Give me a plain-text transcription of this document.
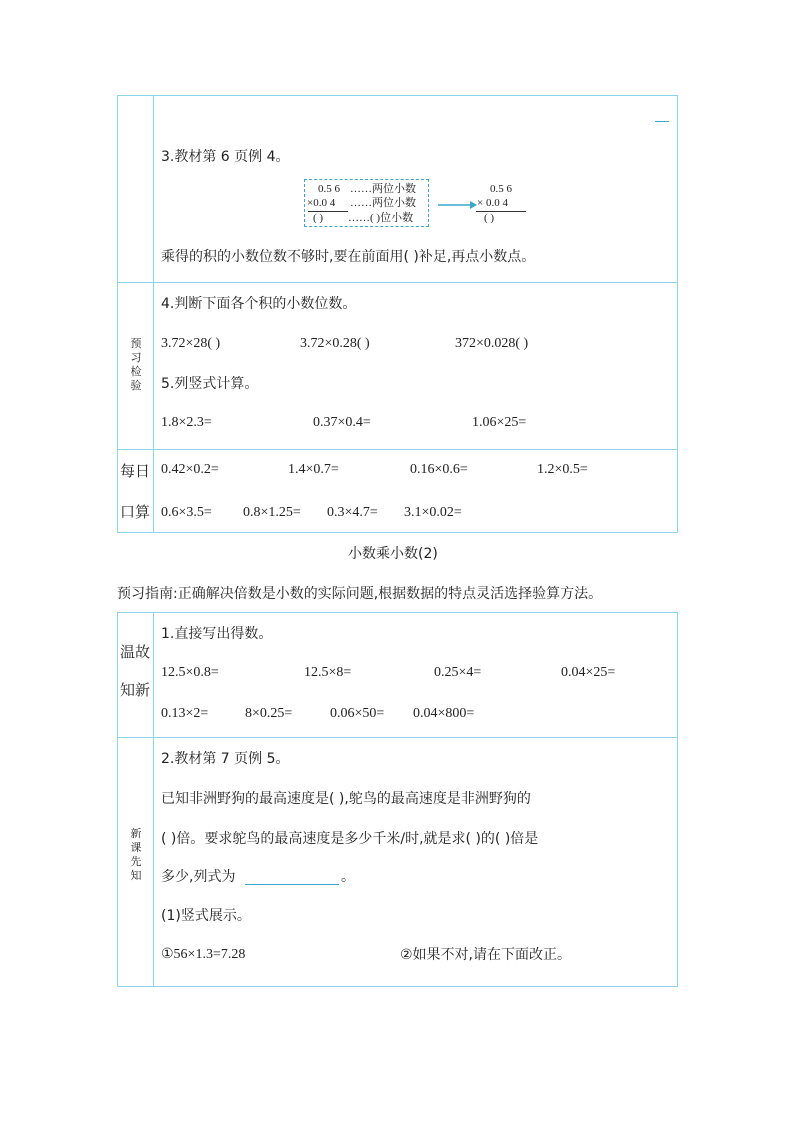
3.教材第 6 页例 4。
0.5 6 ……两位小数
×0.0 4 ……两位小数
( ) ……( )位小数
0.5 6
× 0.0 4
( )
乘得的积的小数位数不够时,要在前面用( )补足,再点小数点。
预
习
检
验
4.判断下面各个积的小数位数。
3.72×28( )	3.72×0.28( )	372×0.028( )
5.列竖式计算。
1.8×2.3=	0.37×0.4=	1.06×25=
每日
口算
0.42×0.2=	1.4×0.7=	0.16×0.6=	1.2×0.5=
0.6×3.5= 0.8×1.25= 0.3×4.7= 3.1×0.02=
小数乘小数(2)
预习指南:正确解决倍数是小数的实际问题,根据数据的特点灵活选择验算方法。
温故
知新
1.直接写出得数。
12.5×0.8=	12.5×8=	0.25×4=	0.04×25=
0.13×2=	8×0.25=	0.06×50= 0.04×800=
新
课
先
知
2.教材第 7 页例 5。
已知非洲野狗的最高速度是( ),鸵鸟的最高速度是非洲野狗的
( )倍。要求鸵鸟的最高速度是多少千米/时,就是求( )的( )倍是
多少,列式为	。
(1)竖式展示。
①56×1.3=7.28	②如果不对,请在下面改正。
